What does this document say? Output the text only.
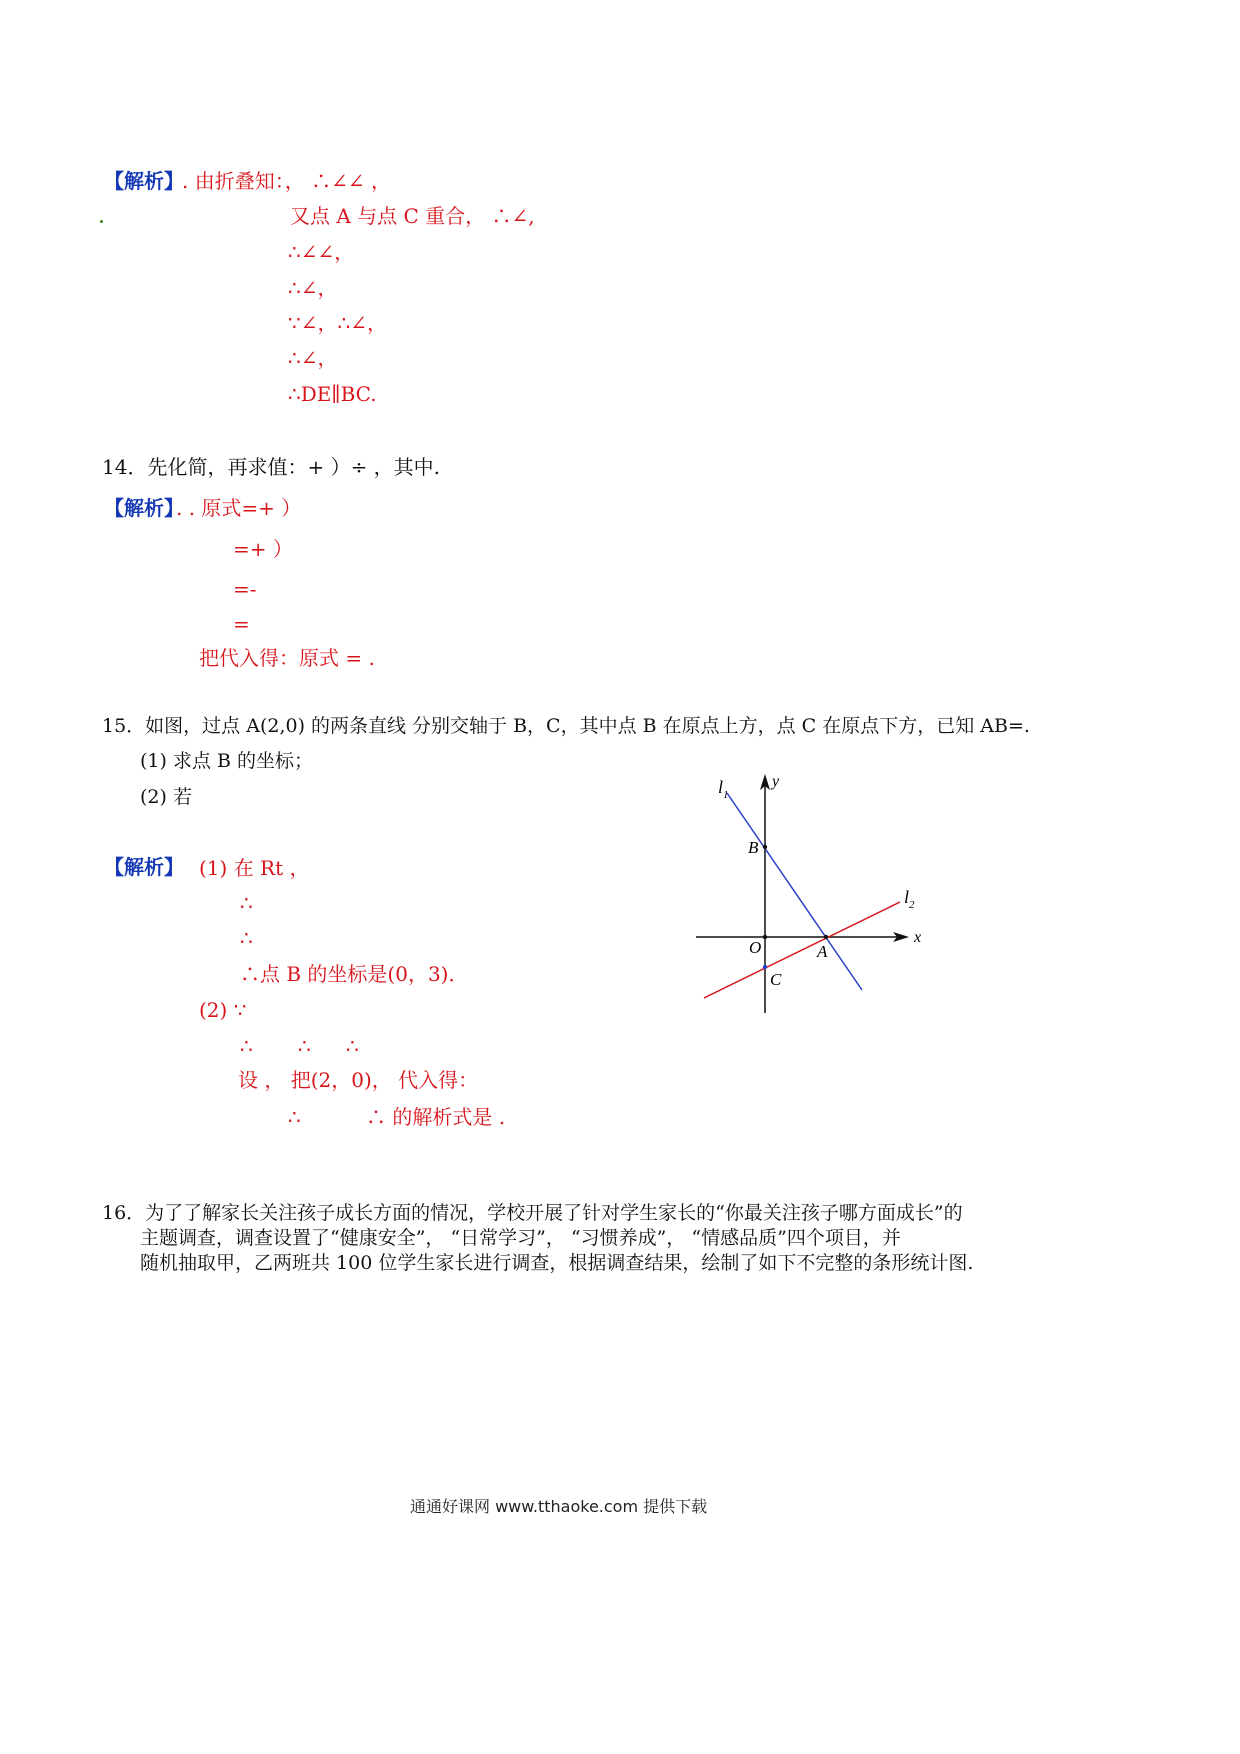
【解析】
. 由折叠知：， ∴∠∠ ，
又点 A 与点 C 重合， ∴∠,
∴∠∠，
∴∠，
∵∠，∴∠，
∴∠，
∴DE∥BC.
14．先化简，再求值：+ ）÷ ，其中.
【解析】
. . 原式=+ ）
=+ ）
=-
=
把代入得：原式 = .
15．如图，过点 A(2,0) 的两条直线 分别交轴于 B，C，其中点 B 在原点上方，点 C 在原点下方，已知 AB=.
(1) 求点 B 的坐标；
(2) 若
【解析】 (1) 在 Rt ，
∴
∴
∴点 B 的坐标是(0，3)．
(2) ∵
∴ ∴ ∴
设 ， 把(2，0)， 代入得：
∴	∴ 的解析式是 .
$l_1$
y
B
$l_2$
x
O	A
C
16．为了了解家长关注孩子成长方面的情况，学校开展了针对学生家长的“你最关注孩子哪方面成长”的
主题调查，调查设置了“健康安全”， “日常学习”， “习惯养成”， “情感品质”四个项目，并
随机抽取甲，乙两班共 100 位学生家长进行调查，根据调查结果，绘制了如下不完整的条形统计图.
通通好课网 www.tthaoke.com 提供下载
